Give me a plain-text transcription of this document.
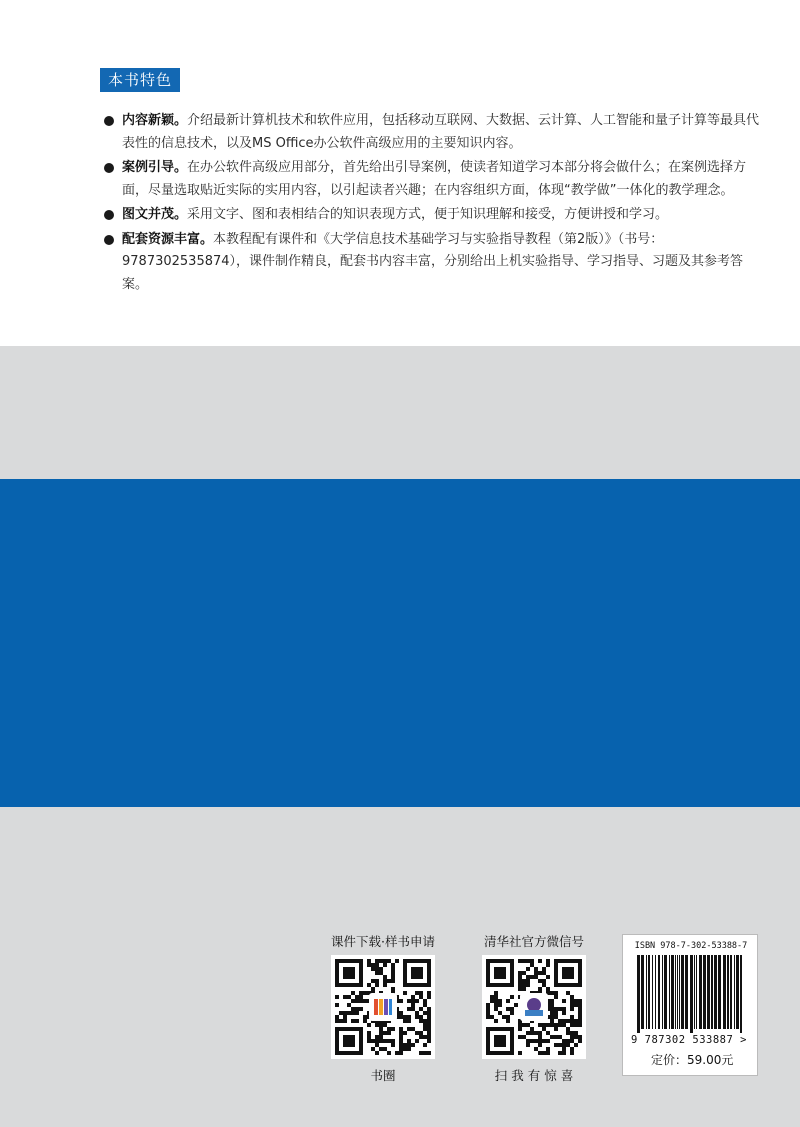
本书特色
内容新颖。介绍最新计算机技术和软件应用，包括移动互联网、大数据、云计算、人工智能和量子计算等最具代表性的信息技术，以及MS Office办公软件高级应用的主要知识内容。
案例引导。在办公软件高级应用部分，首先给出引导案例，使读者知道学习本部分将会做什么；在案例选择方面，尽量选取贴近实际的实用内容，以引起读者兴趣；在内容组织方面，体现“教学做”一体化的教学理念。
图文并茂。采用文字、图和表相结合的知识表现方式，便于知识理解和接受，方便讲授和学习。
配套资源丰富。本教程配有课件和《大学信息技术基础学习与实验指导教程（第2版）》（书号：9787302535874），课件制作精良，配套书内容丰富，分别给出上机实验指导、学习指导、习题及其参考答案。
课件下载·样书申请
书圈
清华社官方微信号
扫 我 有 惊 喜
ISBN 978-7-302-53388-7
9 787302 533887 >
定价：59.00元
